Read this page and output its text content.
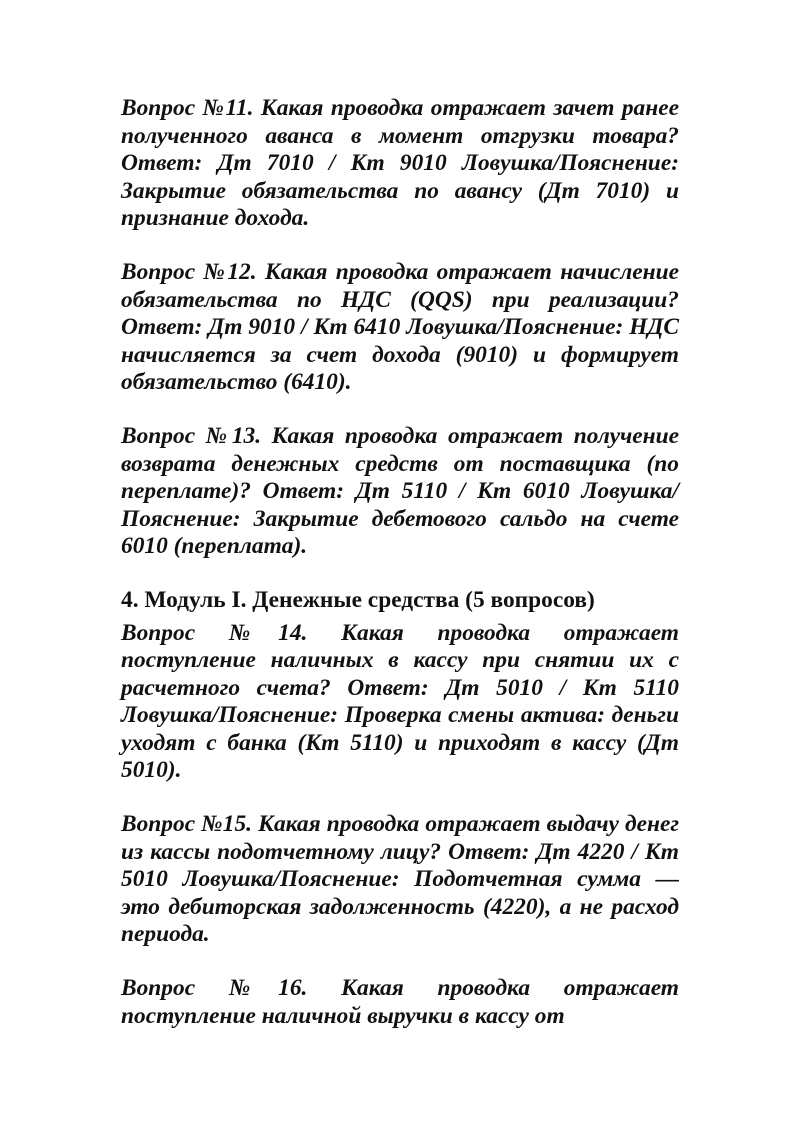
Вопрос №11. Какая проводка отражает зачет ранее полученного аванса в момент отгрузки товара? Ответ: Дт 7010 / Кт 9010 Ловушка/Пояснение: Закрытие обязательства по авансу (Дт 7010) и признание дохода.

Вопрос №12. Какая проводка отражает начисление обязательства по НДС (QQS) при реализации? Ответ: Дт 9010 / Кт 6410 Ловушка/Пояснение: НДС начисляется за счет дохода (9010) и формирует обязательство (6410).

Вопрос №13. Какая проводка отражает получение возврата денежных средств от поставщика (по переплате)? Ответ: Дт 5110 / Кт 6010 Ловушка/Пояснение: Закрытие дебетового сальдо на счете 6010 (переплата).

4. Модуль I. Денежные средства (5 вопросов)

Вопрос №14. Какая проводка отражает поступление наличных в кассу при снятии их с расчетного счета? Ответ: Дт 5010 / Кт 5110 Ловушка/Пояснение: Проверка смены актива: деньги уходят с банка (Кт 5110) и приходят в кассу (Дт 5010).

Вопрос №15. Какая проводка отражает выдачу денег из кассы подотчетному лицу? Ответ: Дт 4220 / Кт 5010 Ловушка/Пояснение: Подотчетная сумма — это дебиторская задолженность (4220), а не расход периода.

Вопрос №16. Какая проводка отражает поступление наличной выручки в кассу от
